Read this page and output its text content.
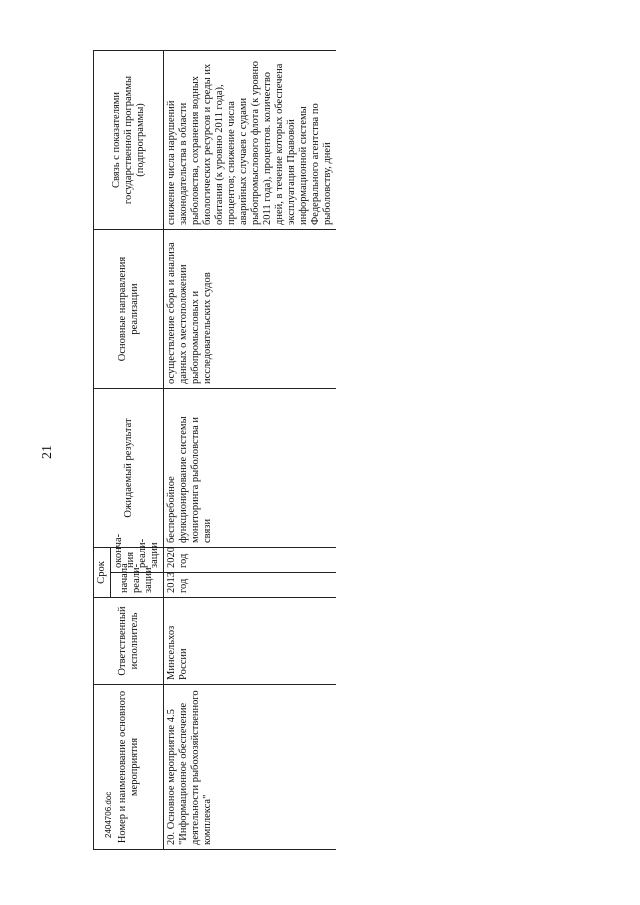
21
Номер и наименование основного мероприятия	Ответственный исполнитель	Срок		Ожидаемый результат	Основные направления реализации	Связь с показателями государственной программы (подпрограммы)
		начала реали-зации	оконча-ния реали-зации			
20. Основное мероприятие 4.5 "Информационное обеспечение деятельности рыбохозяйственного комплекса"	Минсельхоз России	2013 год	2020 год	бесперебойное функционирование системы мониторинга рыболовства и связи	осуществление сбора и анализа данных о местоположении рыбопромысловых и исследовательских судов	снижение числа нарушений законодательства в области рыболовства, сохранения водных биологических ресурсов и среды их обитания (к уровню 2011 года), процентов; снижение числа аварийных случаев с судами рыбопромыслового флота (к уровню 2011 года), процентов. количество дней, в течение которых обеспечена эксплуатация Правовой информационной системы Федерального агентства по рыболовству, дней
2404706.doc
